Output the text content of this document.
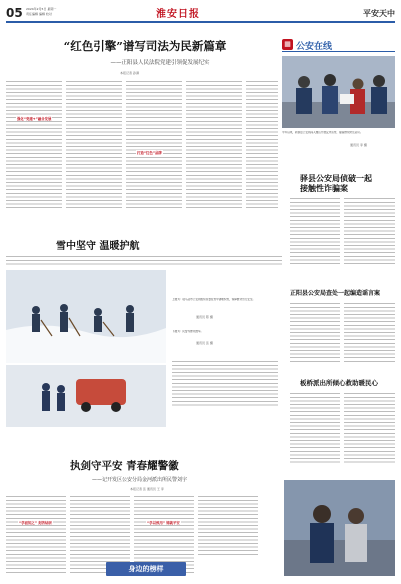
05 2024年2月5日 星期一
责任编辑 编辑 校对	淮安日报	平安天中
“红色引擎”谱写司法为民新篇章
——正阳县人民法院党建引领促发展纪实
本报记者 孙满
强化“党建+”融合发展
打造“红色”品牌
▦ 公安在线
今年以来，新蔡县公安局深入辖区开展反诈宣传，提高群众防范意识。
通讯员 李 摄
驿县公安局侦破一起
接触性诈骗案
正阳县公安局查处一起编造谣言案
板桥派出所倾心救助暖民心
雪中坚守 温暖护航
上图为：驻马店市公安局组织民警在雪中清理积雪，保障群众出行安全。
通讯员 陈 摄
下图为：民警为群众推车。
通讯员 张 摄
执剑守平安 青春耀警徽
——记开发区公安分局金河派出所民警刘宇
本报记者 张 通讯员 王 李
“学而知之” 刻苦钻研	“学以致用” 铸就平安
身边的榜样
